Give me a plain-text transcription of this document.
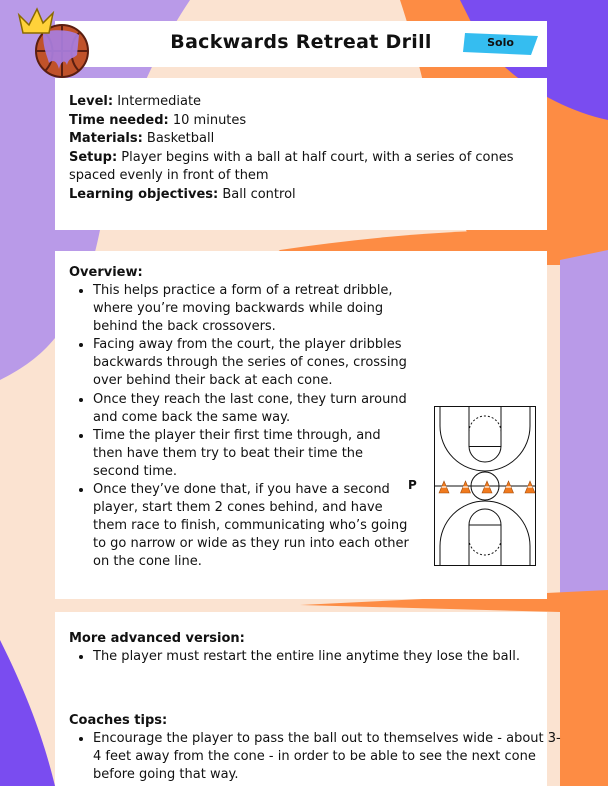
Backwards Retreat Drill	Solo

Level: Intermediate

Time needed: 10 minutes

Materials: Basketball

Setup: Player begins with a ball at half court, with a series of cones spaced evenly in front of them

Learning objectives: Ball control

Overview:

• This helps practice a form of a retreat dribble, where you’re moving backwards while doing behind the back crossovers.
• Facing away from the court, the player dribbles backwards through the series of cones, crossing over behind their back at each cone.
• Once they reach the last cone, they turn around and come back the same way.
• Time the player their first time through, and then have them try to beat their time the second time.
• Once they’ve done that, if you have a second player, start them 2 cones behind, and have them race to finish, communicating who’s going to go narrow or wide as they run into each other on the cone line.
P

More advanced version:

• The player must restart the entire line anytime they lose the ball.

Coaches tips:

• Encourage the player to pass the ball out to themselves wide - about 3-4 feet away from the cone - in order to be able to see the next cone before going that way.
